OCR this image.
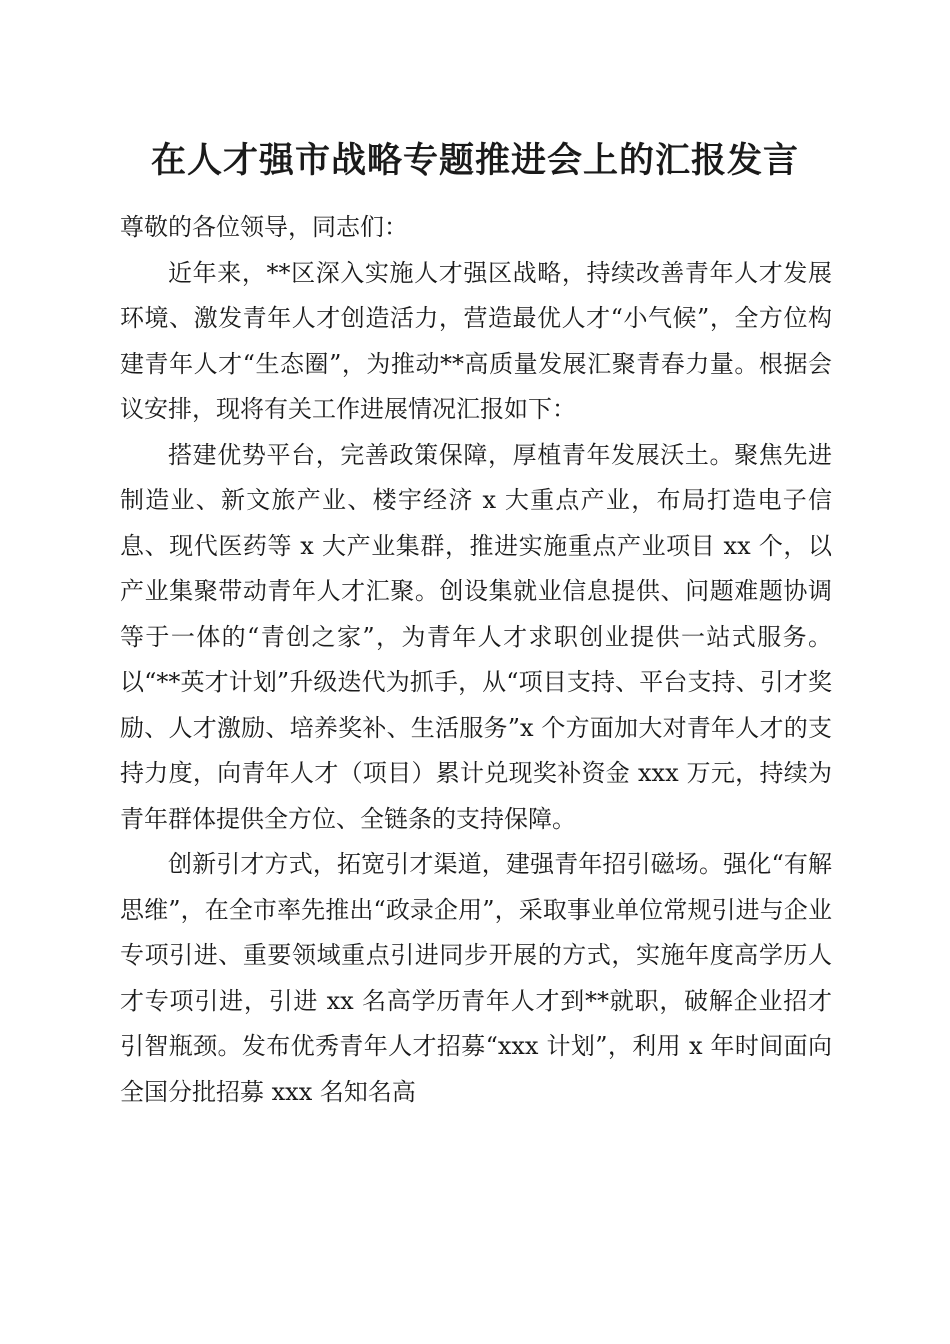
在人才强市战略专题推进会上的汇报发言

尊敬的各位领导，同志们：

近年来，**区深入实施人才强区战略，持续改善青年人才发展环境、激发青年人才创造活力，营造最优人才“小气候”，全方位构建青年人才“生态圈”，为推动**高质量发展汇聚青春力量。根据会议安排，现将有关工作进展情况汇报如下：

搭建优势平台，完善政策保障，厚植青年发展沃土。聚焦先进制造业、新文旅产业、楼宇经济 x 大重点产业，布局打造电子信息、现代医药等 x 大产业集群，推进实施重点产业项目 xx 个，以产业集聚带动青年人才汇聚。创设集就业信息提供、问题难题协调等于一体的“青创之家”，为青年人才求职创业提供一站式服务。以“**英才计划”升级迭代为抓手，从“项目支持、平台支持、引才奖励、人才激励、培养奖补、生活服务”x 个方面加大对青年人才的支持力度，向青年人才（项目）累计兑现奖补资金 xxx 万元，持续为青年群体提供全方位、全链条的支持保障。

创新引才方式，拓宽引才渠道，建强青年招引磁场。强化“有解思维”，在全市率先推出“政录企用”，采取事业单位常规引进与企业专项引进、重要领域重点引进同步开展的方式，实施年度高学历人才专项引进，引进 xx 名高学历青年人才到**就职，破解企业招才引智瓶颈。发布优秀青年人才招募“xxx 计划”，利用 x 年时间面向全国分批招募 xxx 名知名高
